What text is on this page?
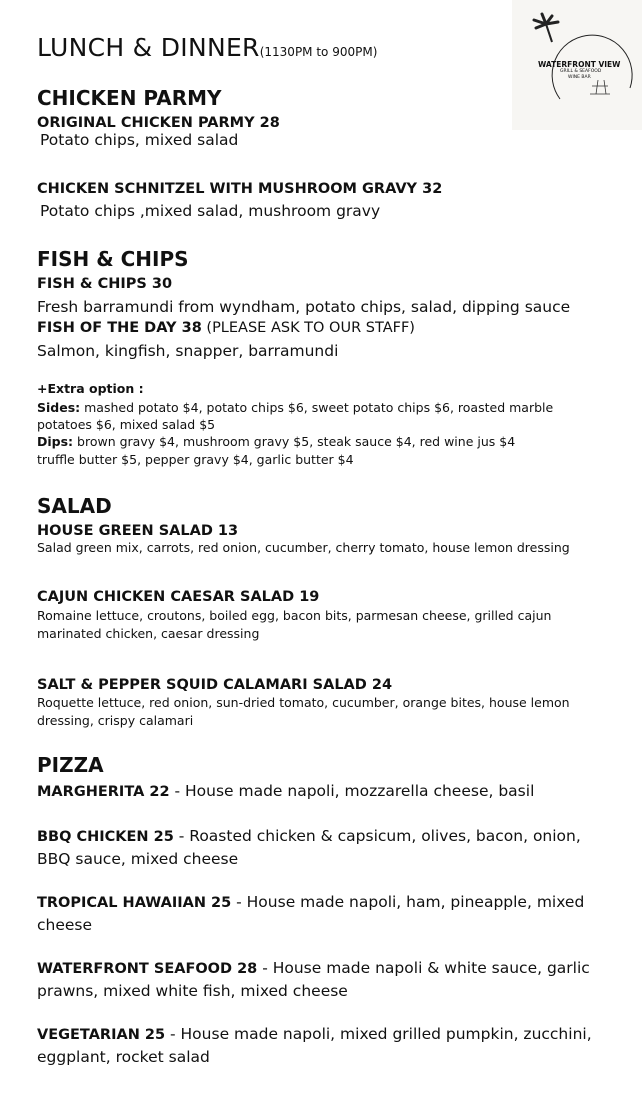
WATERFRONT VIEW
GRILL & SEAFOOD
WINE BAR
LUNCH & DINNER(1130PM to 900PM)
CHICKEN PARMY
ORIGINAL CHICKEN PARMY 28
Potato chips, mixed salad
CHICKEN SCHNITZEL WITH MUSHROOM GRAVY 32
Potato chips ,mixed salad, mushroom gravy
FISH & CHIPS
FISH & CHIPS 30
Fresh barramundi from wyndham, potato chips, salad, dipping sauce
FISH OF THE DAY 38 (PLEASE ASK TO OUR STAFF)
Salmon, kingfish, snapper, barramundi
+Extra option :
Sides: mashed potato $4, potato chips $6, sweet potato chips $6, roasted marble potatoes $6, mixed salad $5
Dips: brown gravy $4, mushroom gravy $5, steak sauce $4, red wine jus $4
truffle butter $5, pepper gravy $4, garlic butter $4
SALAD
HOUSE GREEN SALAD 13
Salad green mix, carrots, red onion, cucumber, cherry tomato, house lemon dressing
CAJUN CHICKEN CAESAR SALAD 19
Romaine lettuce, croutons, boiled egg, bacon bits, parmesan cheese, grilled cajun marinated chicken, caesar dressing
SALT & PEPPER SQUID CALAMARI SALAD 24
Roquette lettuce, red onion, sun-dried tomato, cucumber, orange bites, house lemon dressing, crispy calamari
PIZZA
MARGHERITA 22 - House made napoli, mozzarella cheese, basil
BBQ CHICKEN 25 - Roasted chicken & capsicum, olives, bacon, onion, BBQ sauce, mixed cheese
TROPICAL HAWAIIAN 25 - House made napoli, ham, pineapple, mixed cheese
WATERFRONT SEAFOOD 28 - House made napoli & white sauce, garlic prawns, mixed white fish, mixed cheese
VEGETARIAN 25 - House made napoli, mixed grilled pumpkin, zucchini, eggplant, rocket salad
